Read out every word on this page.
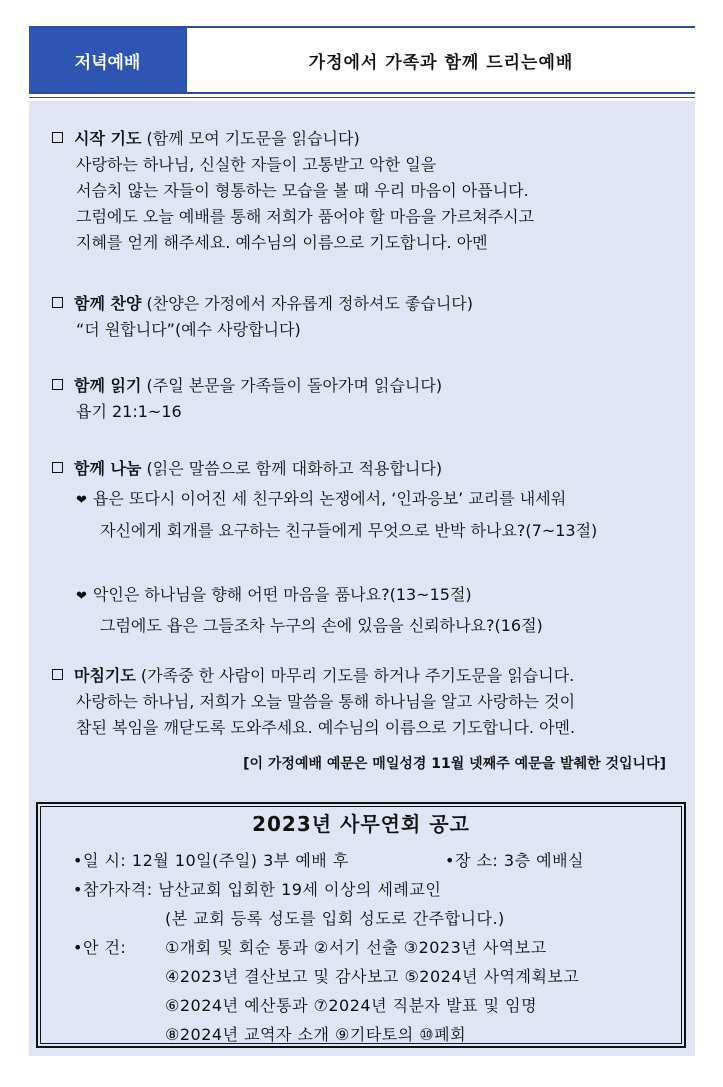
저녁예배	가정에서 가족과 함께 드리는예배
시작 기도 (함께 모여 기도문을 읽습니다)
사랑하는 하나님, 신실한 자들이 고통받고 악한 일을
서슴치 않는 자들이 형통하는 모습을 볼 때 우리 마음이 아픕니다.
그럼에도 오늘 예배를 통해 저희가 품어야 할 마음을 가르쳐주시고
지혜를 얻게 해주세요. 예수님의 이름으로 기도합니다. 아멘
함께 찬양 (찬양은 가정에서 자유롭게 정하셔도 좋습니다)
“더 원합니다”(예수 사랑합니다)
함께 읽기 (주일 본문을 가족들이 돌아가며 읽습니다)
욥기 21:1~16
함께 나눔 (읽은 말씀으로 함께 대화하고 적용합니다)
❤ 욥은 또다시 이어진 세 친구와의 논쟁에서, ‘인과응보’ 교리를 내세워
자신에게 회개를 요구하는 친구들에게 무엇으로 반박 하나요?(7~13절)
❤ 악인은 하나님을 향해 어떤 마음을 품나요?(13~15절)
그럼에도 욥은 그들조차 누구의 손에 있음을 신뢰하나요?(16절)
마침기도 (가족중 한 사람이 마무리 기도를 하거나 주기도문을 읽습니다.
사랑하는 하나님, 저희가 오늘 말씀을 통해 하나님을 알고 사랑하는 것이
참된 복임을 깨닫도록 도와주세요. 예수님의 이름으로 기도합니다. 아멘.
[이 가정예배 예문은 매일성경 11월 넷째주 예문을 발췌한 것입니다]
2023년 사무연회 공고
•일 시: 12월 10일(주일) 3부 예배 후	•장 소: 3층 예배실
•참가자격: 남산교회 입회한 19세 이상의 세례교인
(본 교회 등록 성도를 입회 성도로 간주합니다.)
•안 건: ①개회 및 회순 통과 ②서기 선출 ③2023년 사역보고
④2023년 결산보고 및 감사보고 ⑤2024년 사역계획보고
⑥2024년 예산통과 ⑦2024년 직분자 발표 및 임명
⑧2024년 교역자 소개 ⑨기타토의 ⑩폐회
